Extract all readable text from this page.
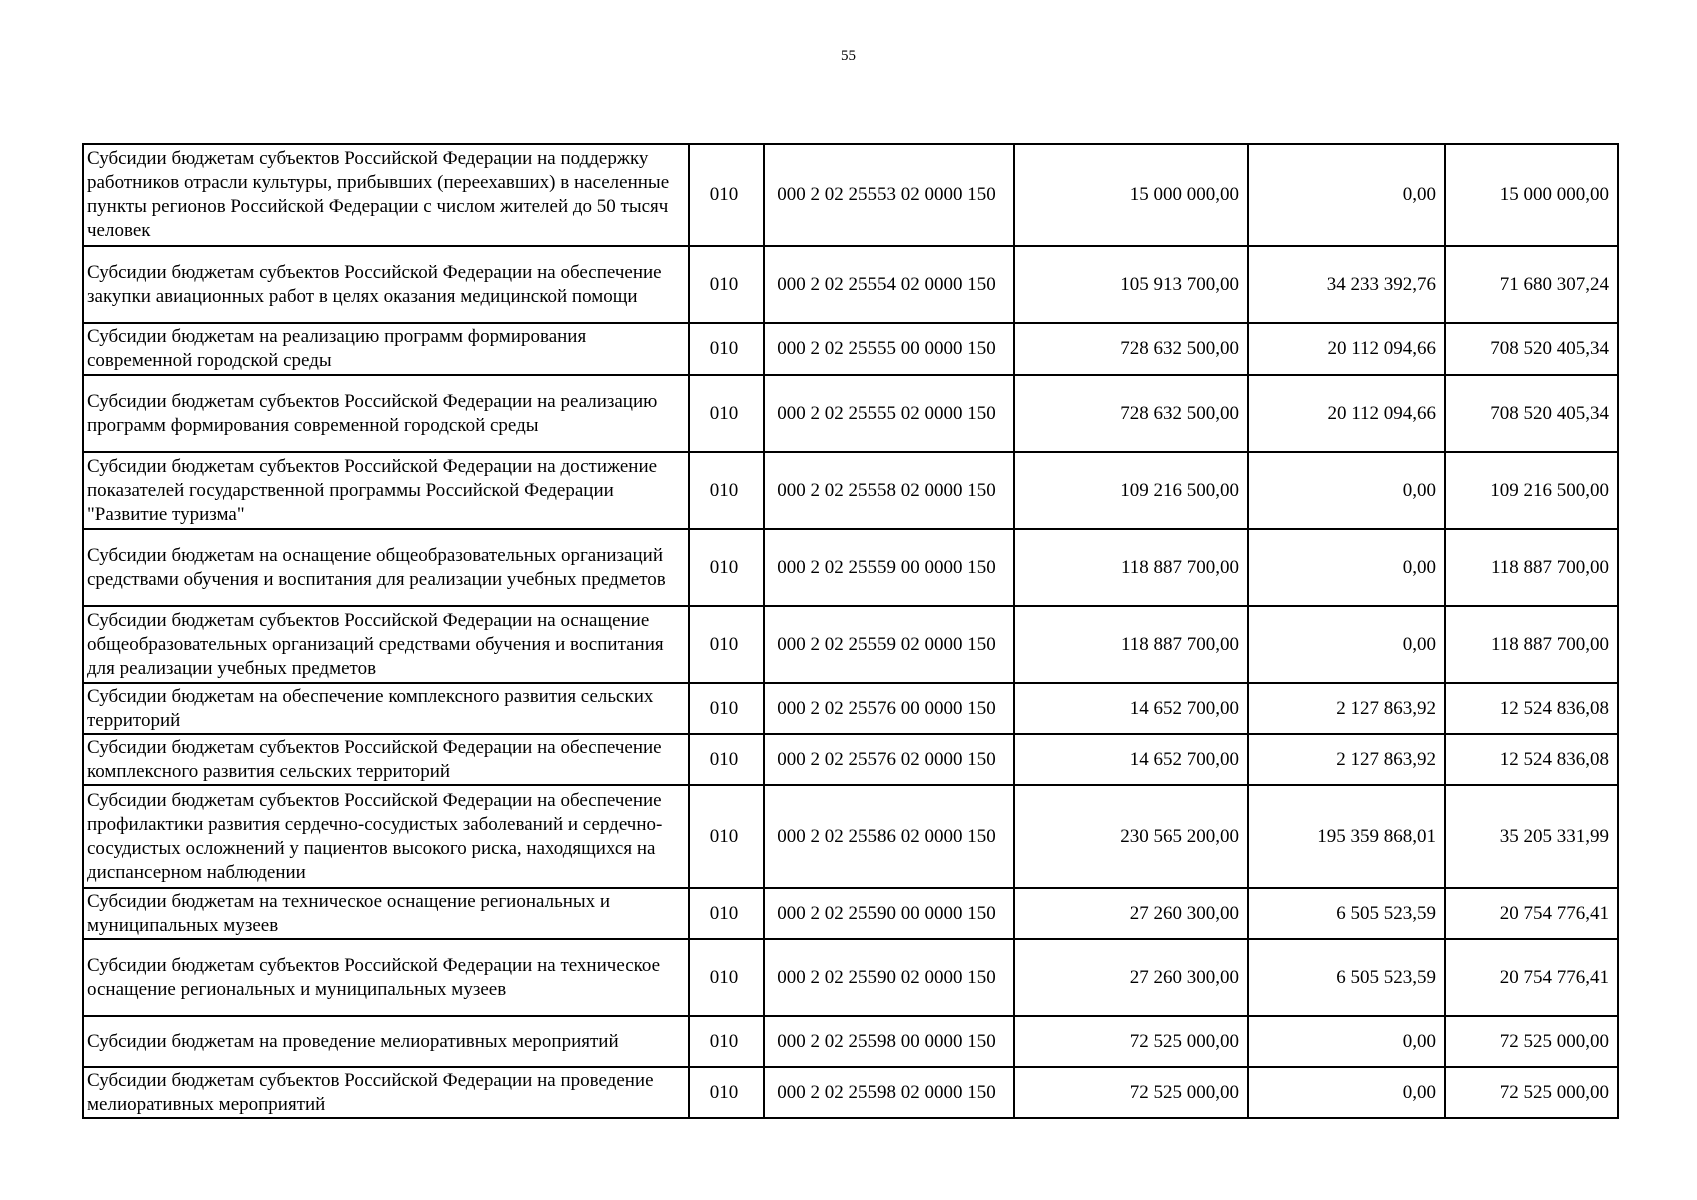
55
Субсидии бюджетам субъектов Российской Федерации на поддержку работников отрасли культуры, прибывших (переехавших) в населенные пункты регионов Российской Федерации с числом жителей до 50 тысяч человек	010	000 2 02 25553 02 0000 150	15 000 000,00	0,00	15 000 000,00
Субсидии бюджетам субъектов Российской Федерации на обеспечение закупки авиационных работ в целях оказания медицинской помощи	010	000 2 02 25554 02 0000 150	105 913 700,00	34 233 392,76	71 680 307,24
Субсидии бюджетам на реализацию программ формирования современной городской среды	010	000 2 02 25555 00 0000 150	728 632 500,00	20 112 094,66	708 520 405,34
Субсидии бюджетам субъектов Российской Федерации на реализацию программ формирования современной городской среды	010	000 2 02 25555 02 0000 150	728 632 500,00	20 112 094,66	708 520 405,34
Субсидии бюджетам субъектов Российской Федерации на достижение показателей государственной программы Российской Федерации "Развитие туризма"	010	000 2 02 25558 02 0000 150	109 216 500,00	0,00	109 216 500,00
Субсидии бюджетам на оснащение общеобразовательных организаций средствами обучения и воспитания для реализации учебных предметов	010	000 2 02 25559 00 0000 150	118 887 700,00	0,00	118 887 700,00
Субсидии бюджетам субъектов Российской Федерации на оснащение общеобразовательных организаций средствами обучения и воспитания для реализации учебных предметов	010	000 2 02 25559 02 0000 150	118 887 700,00	0,00	118 887 700,00
Субсидии бюджетам на обеспечение комплексного развития сельских территорий	010	000 2 02 25576 00 0000 150	14 652 700,00	2 127 863,92	12 524 836,08
Субсидии бюджетам субъектов Российской Федерации на обеспечение комплексного развития сельских территорий	010	000 2 02 25576 02 0000 150	14 652 700,00	2 127 863,92	12 524 836,08
Субсидии бюджетам субъектов Российской Федерации на обеспечение профилактики развития сердечно-сосудистых заболеваний и сердечно-сосудистых осложнений у пациентов высокого риска, находящихся на диспансерном наблюдении	010	000 2 02 25586 02 0000 150	230 565 200,00	195 359 868,01	35 205 331,99
Субсидии бюджетам на техническое оснащение региональных и муниципальных музеев	010	000 2 02 25590 00 0000 150	27 260 300,00	6 505 523,59	20 754 776,41
Субсидии бюджетам субъектов Российской Федерации на техническое оснащение региональных и муниципальных музеев	010	000 2 02 25590 02 0000 150	27 260 300,00	6 505 523,59	20 754 776,41
Субсидии бюджетам на проведение мелиоративных мероприятий	010	000 2 02 25598 00 0000 150	72 525 000,00	0,00	72 525 000,00
Субсидии бюджетам субъектов Российской Федерации на проведение мелиоративных мероприятий	010	000 2 02 25598 02 0000 150	72 525 000,00	0,00	72 525 000,00
